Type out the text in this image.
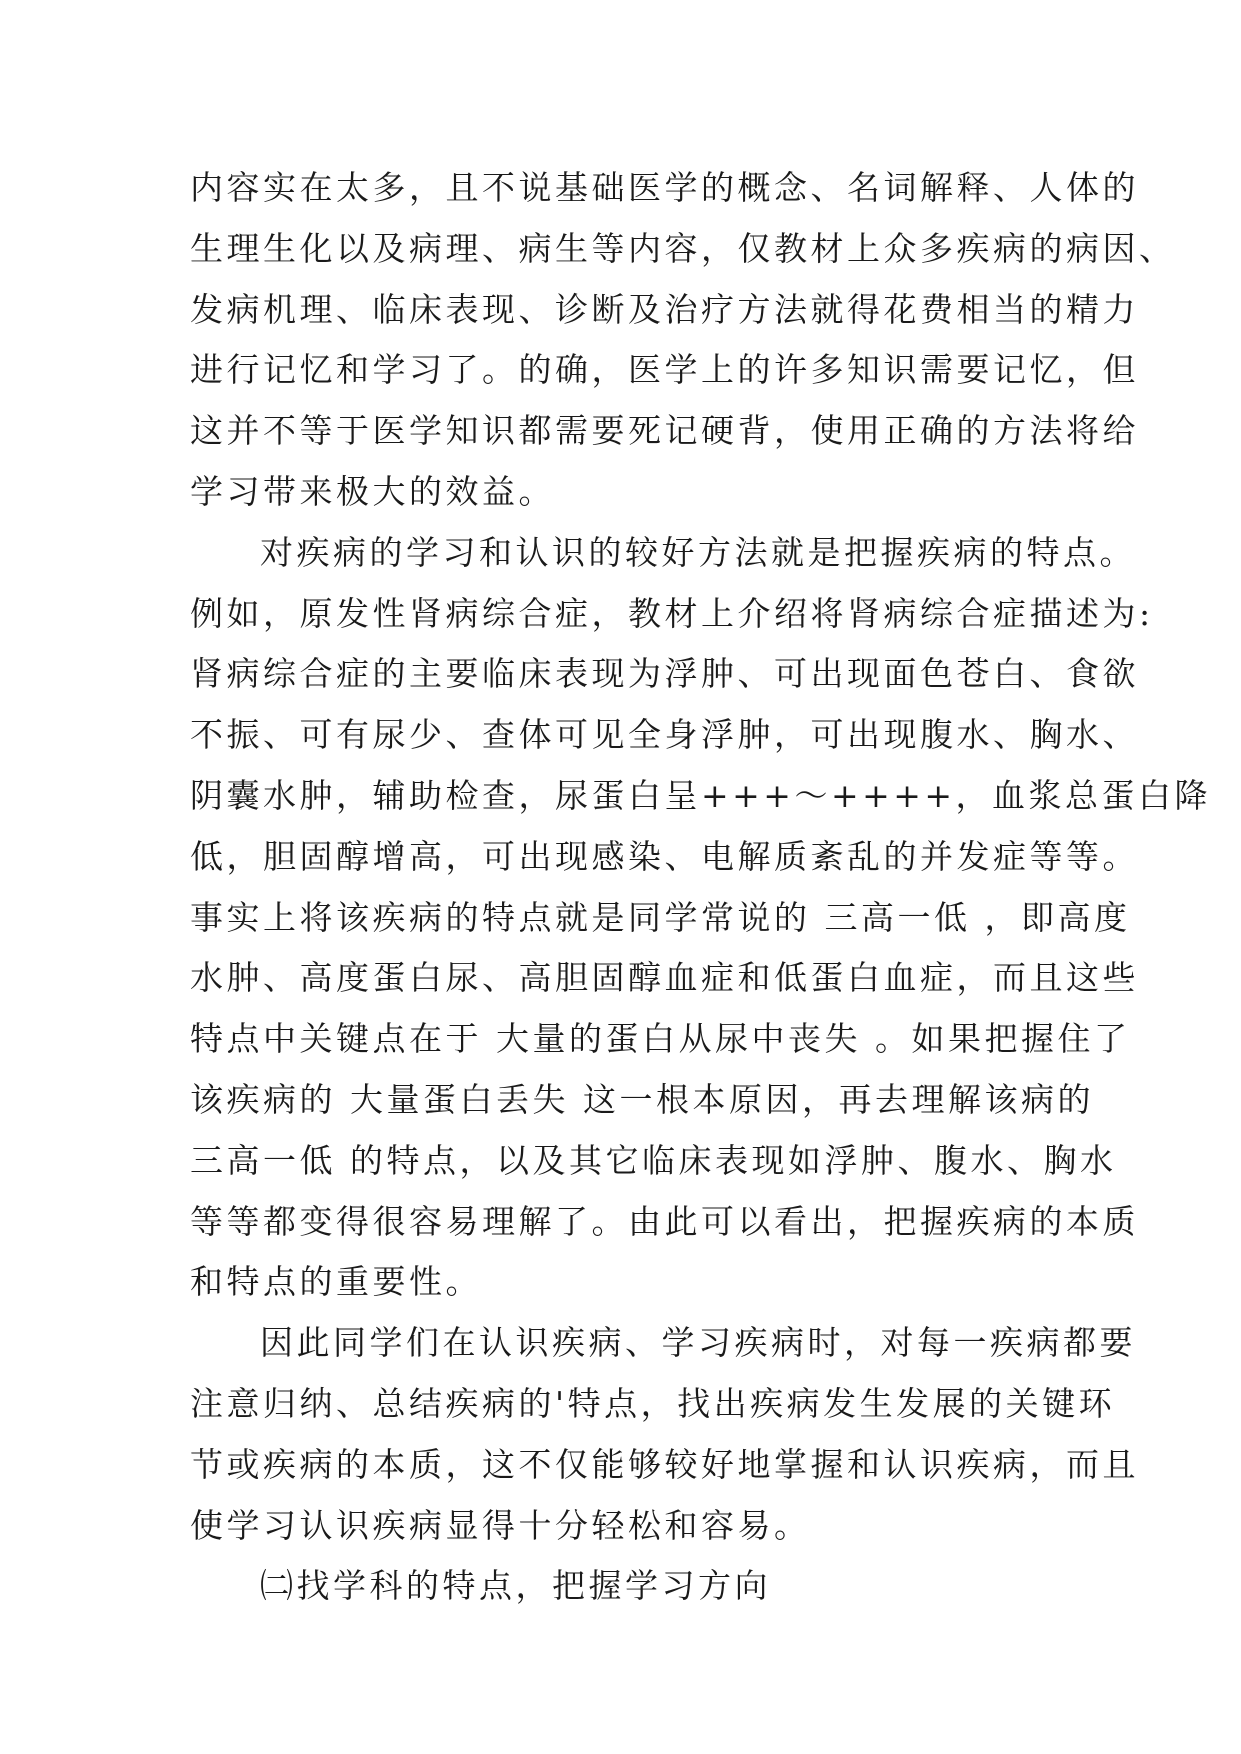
内容实在太多，且不说基础医学的概念、名词解释、人体的
生理生化以及病理、病生等内容，仅教材上众多疾病的病因、
发病机理、临床表现、诊断及治疗方法就得花费相当的精力
进行记忆和学习了。的确，医学上的许多知识需要记忆，但
这并不等于医学知识都需要死记硬背，使用正确的方法将给
学习带来极大的效益。
对疾病的学习和认识的较好方法就是把握疾病的特点。
例如，原发性肾病综合症，教材上介绍将肾病综合症描述为:
肾病综合症的主要临床表现为浮肿、可出现面色苍白、食欲
不振、可有尿少、查体可见全身浮肿，可出现腹水、胸水、
阴囊水肿，辅助检查，尿蛋白呈+++～++++，血浆总蛋白降
低，胆固醇增高，可出现感染、电解质紊乱的并发症等等。
事实上将该疾病的特点就是同学常说的 三高一低 ，即高度
水肿、高度蛋白尿、高胆固醇血症和低蛋白血症，而且这些
特点中关键点在于 大量的蛋白从尿中丧失 。如果把握住了
该疾病的 大量蛋白丢失 这一根本原因，再去理解该病的
三高一低 的特点，以及其它临床表现如浮肿、腹水、胸水
等等都变得很容易理解了。由此可以看出，把握疾病的本质
和特点的重要性。
因此同学们在认识疾病、学习疾病时，对每一疾病都要
注意归纳、总结疾病的'特点，找出疾病发生发展的关键环
节或疾病的本质，这不仅能够较好地掌握和认识疾病，而且
使学习认识疾病显得十分轻松和容易。
㈡找学科的特点，把握学习方向
